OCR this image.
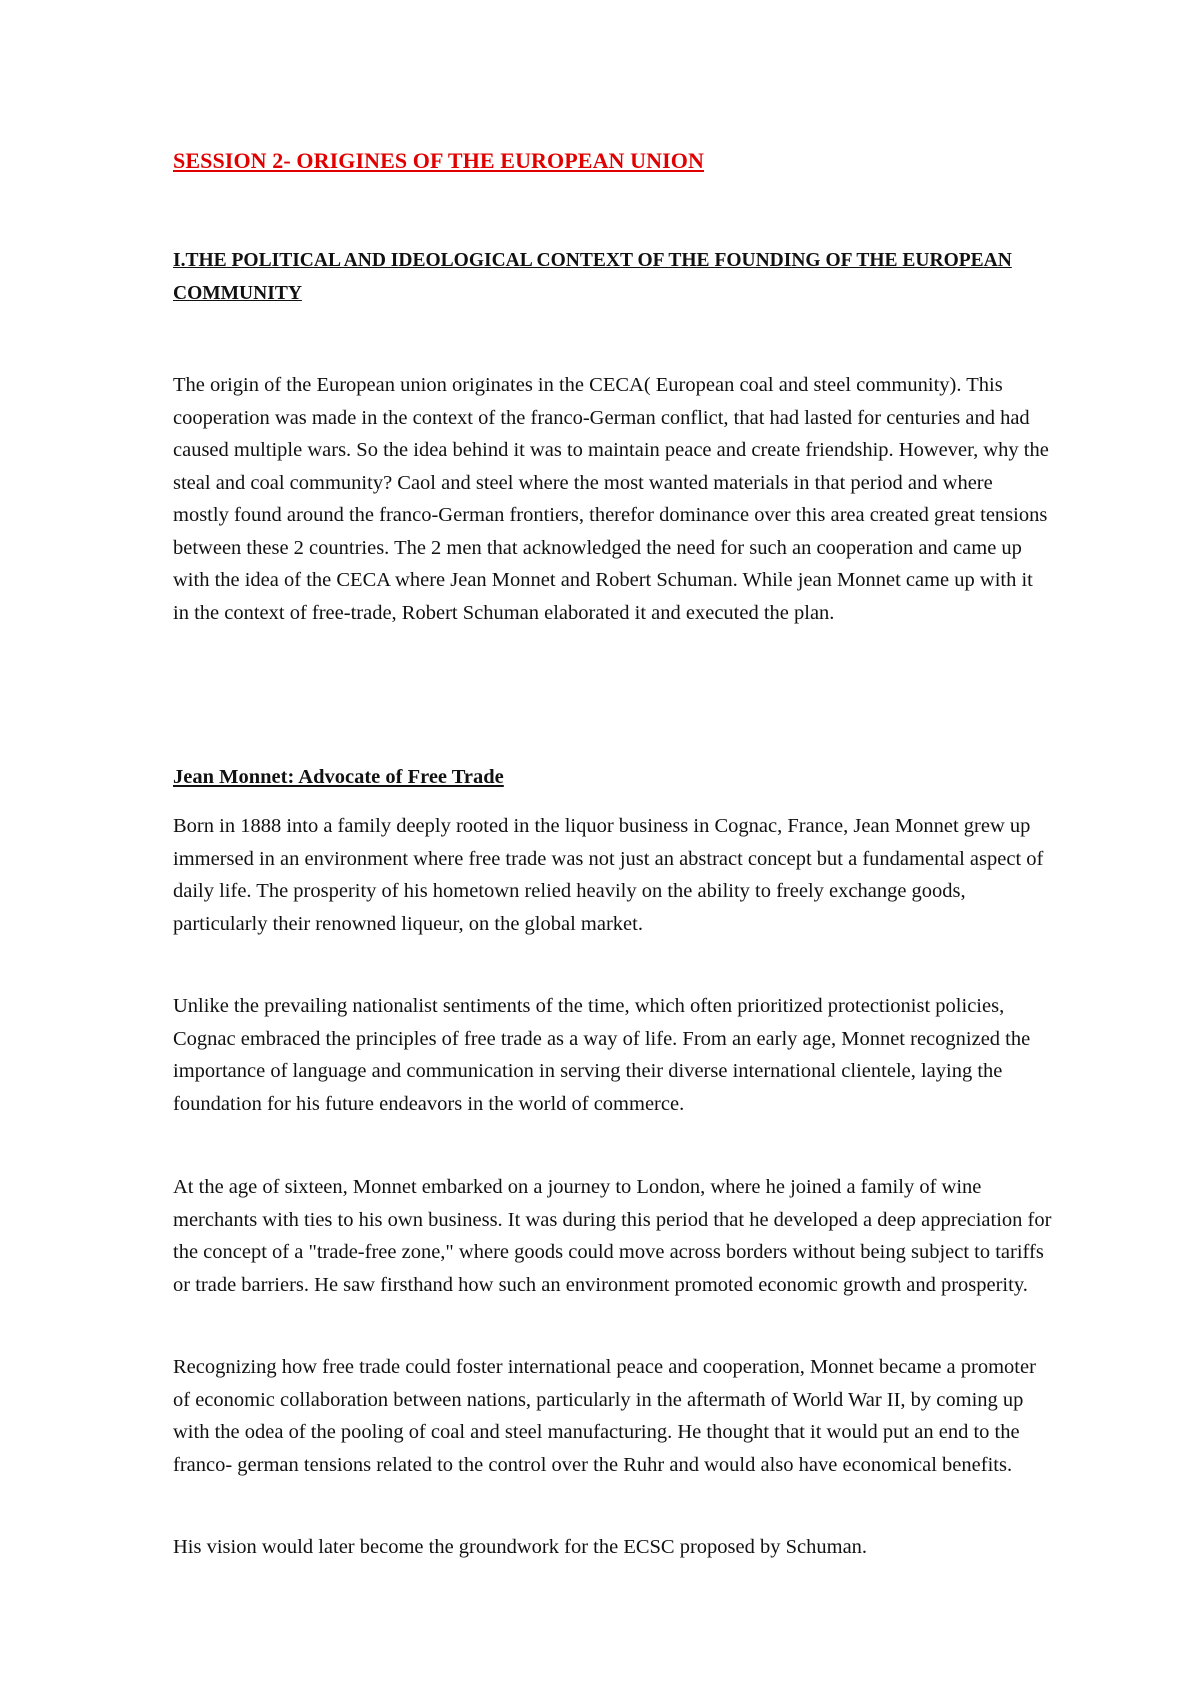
SESSION 2- ORIGINES OF THE EUROPEAN UNION
I.THE POLITICAL AND IDEOLOGICAL CONTEXT OF THE FOUNDING OF THE EUROPEAN COMMUNITY

The origin of the European union originates in the CECA( European coal and steel community). This cooperation was made in the context of the franco-German conflict, that had lasted for centuries and had caused multiple wars. So the idea behind it was to maintain peace and create friendship. However, why the steal and coal community? Caol and steel where the most wanted materials in that period and where mostly found around the franco-German frontiers, therefor dominance over this area created great tensions between these 2 countries. The 2 men that acknowledged the need for such an cooperation and came up with the idea of the CECA where Jean Monnet and Robert Schuman. While jean Monnet came up with it in the context of free-trade, Robert Schuman elaborated it and executed the plan.

Jean Monnet: Advocate of Free Trade

Born in 1888 into a family deeply rooted in the liquor business in Cognac, France, Jean Monnet grew up immersed in an environment where free trade was not just an abstract concept but a fundamental aspect of daily life. The prosperity of his hometown relied heavily on the ability to freely exchange goods, particularly their renowned liqueur, on the global market.

Unlike the prevailing nationalist sentiments of the time, which often prioritized protectionist policies, Cognac embraced the principles of free trade as a way of life. From an early age, Monnet recognized the importance of language and communication in serving their diverse international clientele, laying the foundation for his future endeavors in the world of commerce.

At the age of sixteen, Monnet embarked on a journey to London, where he joined a family of wine merchants with ties to his own business. It was during this period that he developed a deep appreciation for the concept of a "trade-free zone," where goods could move across borders without being subject to tariffs or trade barriers. He saw firsthand how such an environment promoted economic growth and prosperity.

Recognizing how free trade could foster international peace and cooperation, Monnet became a promoter of economic collaboration between nations, particularly in the aftermath of World War II, by coming up with the odea of the pooling of coal and steel manufacturing. He thought that it would put an end to the franco- german tensions related to the control over the Ruhr and would also have economical benefits.

His vision would later become the groundwork for the ECSC proposed by Schuman.
